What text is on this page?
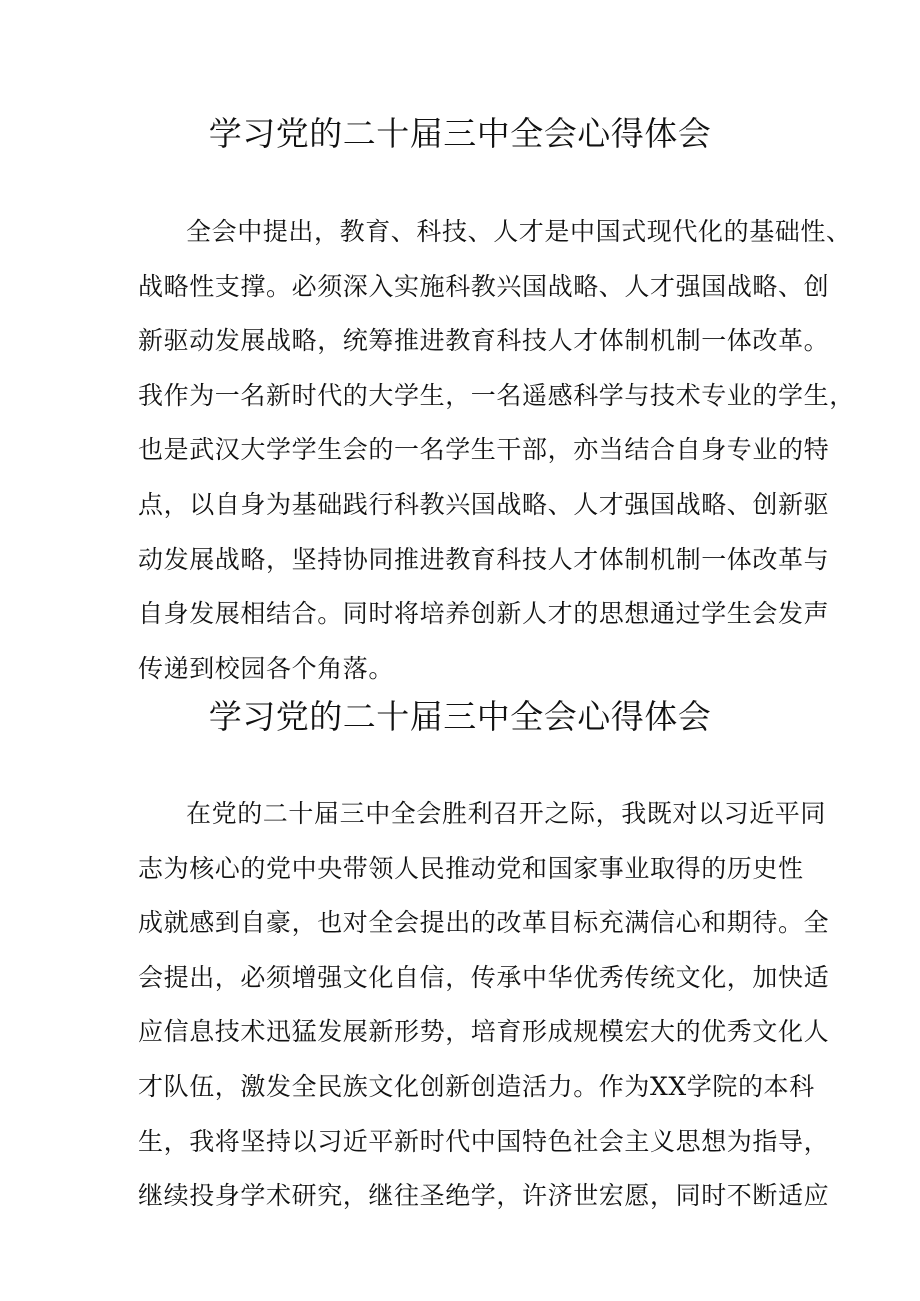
学习党的二十届三中全会心得体会
全会中提出，教育、科技、人才是中国式现代化的基础性、
战略性支撑。必须深入实施科教兴国战略、人才强国战略、创
新驱动发展战略，统筹推进教育科技人才体制机制一体改革。
我作为一名新时代的大学生，一名遥感科学与技术专业的学生，
也是武汉大学学生会的一名学生干部，亦当结合自身专业的特
点，以自身为基础践行科教兴国战略、人才强国战略、创新驱
动发展战略，坚持协同推进教育科技人才体制机制一体改革与
自身发展相结合。同时将培养创新人才的思想通过学生会发声
传递到校园各个角落。
学习党的二十届三中全会心得体会
在党的二十届三中全会胜利召开之际，我既对以习近平同
志为核心的党中央带领人民推动党和国家事业取得的历史性
成就感到自豪，也对全会提出的改革目标充满信心和期待。全
会提出，必须增强文化自信，传承中华优秀传统文化，加快适
应信息技术迅猛发展新形势，培育形成规模宏大的优秀文化人
才队伍，激发全民族文化创新创造活力。作为XX学院的本科
生，我将坚持以习近平新时代中国特色社会主义思想为指导，
继续投身学术研究，继往圣绝学，许济世宏愿，同时不断适应
